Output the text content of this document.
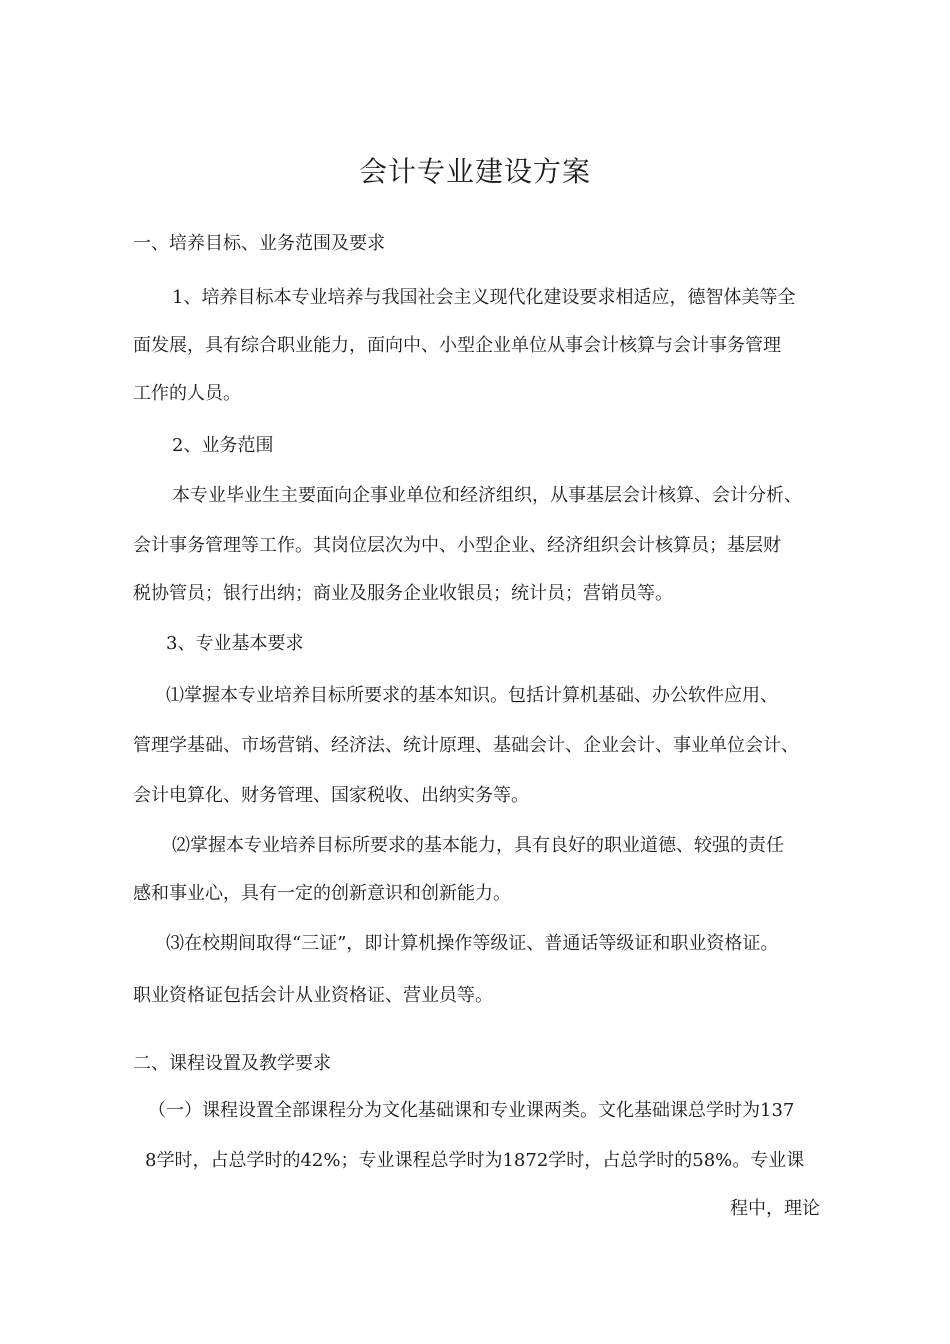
会计专业建设方案

一、培养目标、业务范围及要求

1、培养目标本专业培养与我国社会主义现代化建设要求相适应，德智体美等全

面发展，具有综合职业能力，面向中、小型企业单位从事会计核算与会计事务管理

工作的人员。

2、业务范围

本专业毕业生主要面向企事业单位和经济组织，从事基层会计核算、会计分析、

会计事务管理等工作。其岗位层次为中、小型企业、经济组织会计核算员；基层财

税协管员；银行出纳；商业及服务企业收银员；统计员；营销员等。

3、专业基本要求

⑴掌握本专业培养目标所要求的基本知识。包括计算机基础、办公软件应用、

管理学基础、市场营销、经济法、统计原理、基础会计、企业会计、事业单位会计、

会计电算化、财务管理、国家税收、出纳实务等。

⑵掌握本专业培养目标所要求的基本能力，具有良好的职业道德、较强的责任

感和事业心，具有一定的创新意识和创新能力。

⑶在校期间取得“三证”，即计算机操作等级证、普通话等级证和职业资格证。

职业资格证包括会计从业资格证、营业员等。

二、课程设置及教学要求

（一）课程设置全部课程分为文化基础课和专业课两类。文化基础课总学时为137

8学时，占总学时的42%；专业课程总学时为1872学时，占总学时的58%。专业课

程中，理论
